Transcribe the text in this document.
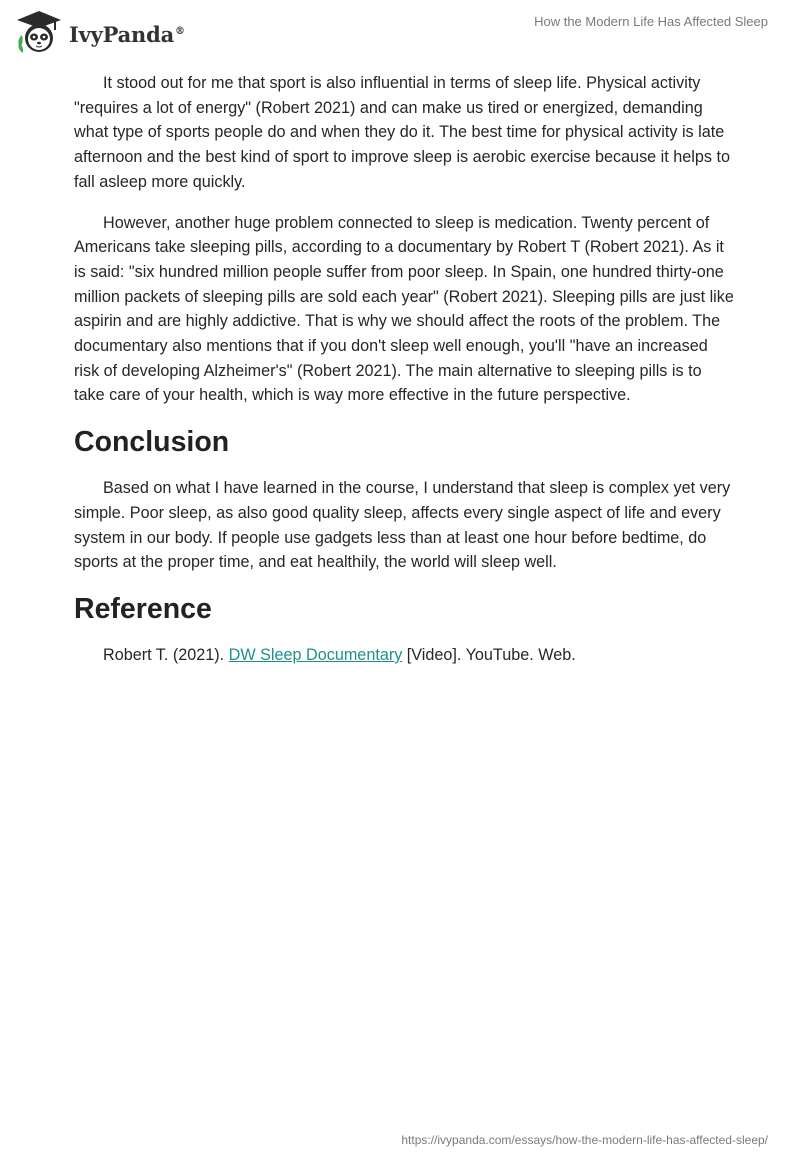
IvyPanda®
How the Modern Life Has Affected Sleep

It stood out for me that sport is also influential in terms of sleep life. Physical activity "requires a lot of energy" (Robert 2021) and can make us tired or energized, demanding what type of sports people do and when they do it. The best time for physical activity is late afternoon and the best kind of sport to improve sleep is aerobic exercise because it helps to fall asleep more quickly.

However, another huge problem connected to sleep is medication. Twenty percent of Americans take sleeping pills, according to a documentary by Robert T (Robert 2021). As it is said: "six hundred million people suffer from poor sleep. In Spain, one hundred thirty-one million packets of sleeping pills are sold each year" (Robert 2021). Sleeping pills are just like aspirin and are highly addictive. That is why we should affect the roots of the problem. The documentary also mentions that if you don't sleep well enough, you'll "have an increased risk of developing Alzheimer's" (Robert 2021). The main alternative to sleeping pills is to take care of your health, which is way more effective in the future perspective.

Conclusion

Based on what I have learned in the course, I understand that sleep is complex yet very simple. Poor sleep, as also good quality sleep, affects every single aspect of life and every system in our body. If people use gadgets less than at least one hour before bedtime, do sports at the proper time, and eat healthily, the world will sleep well.

Reference

Robert T. (2021). DW Sleep Documentary [Video]. YouTube. Web.

https://ivypanda.com/essays/how-the-modern-life-has-affected-sleep/
